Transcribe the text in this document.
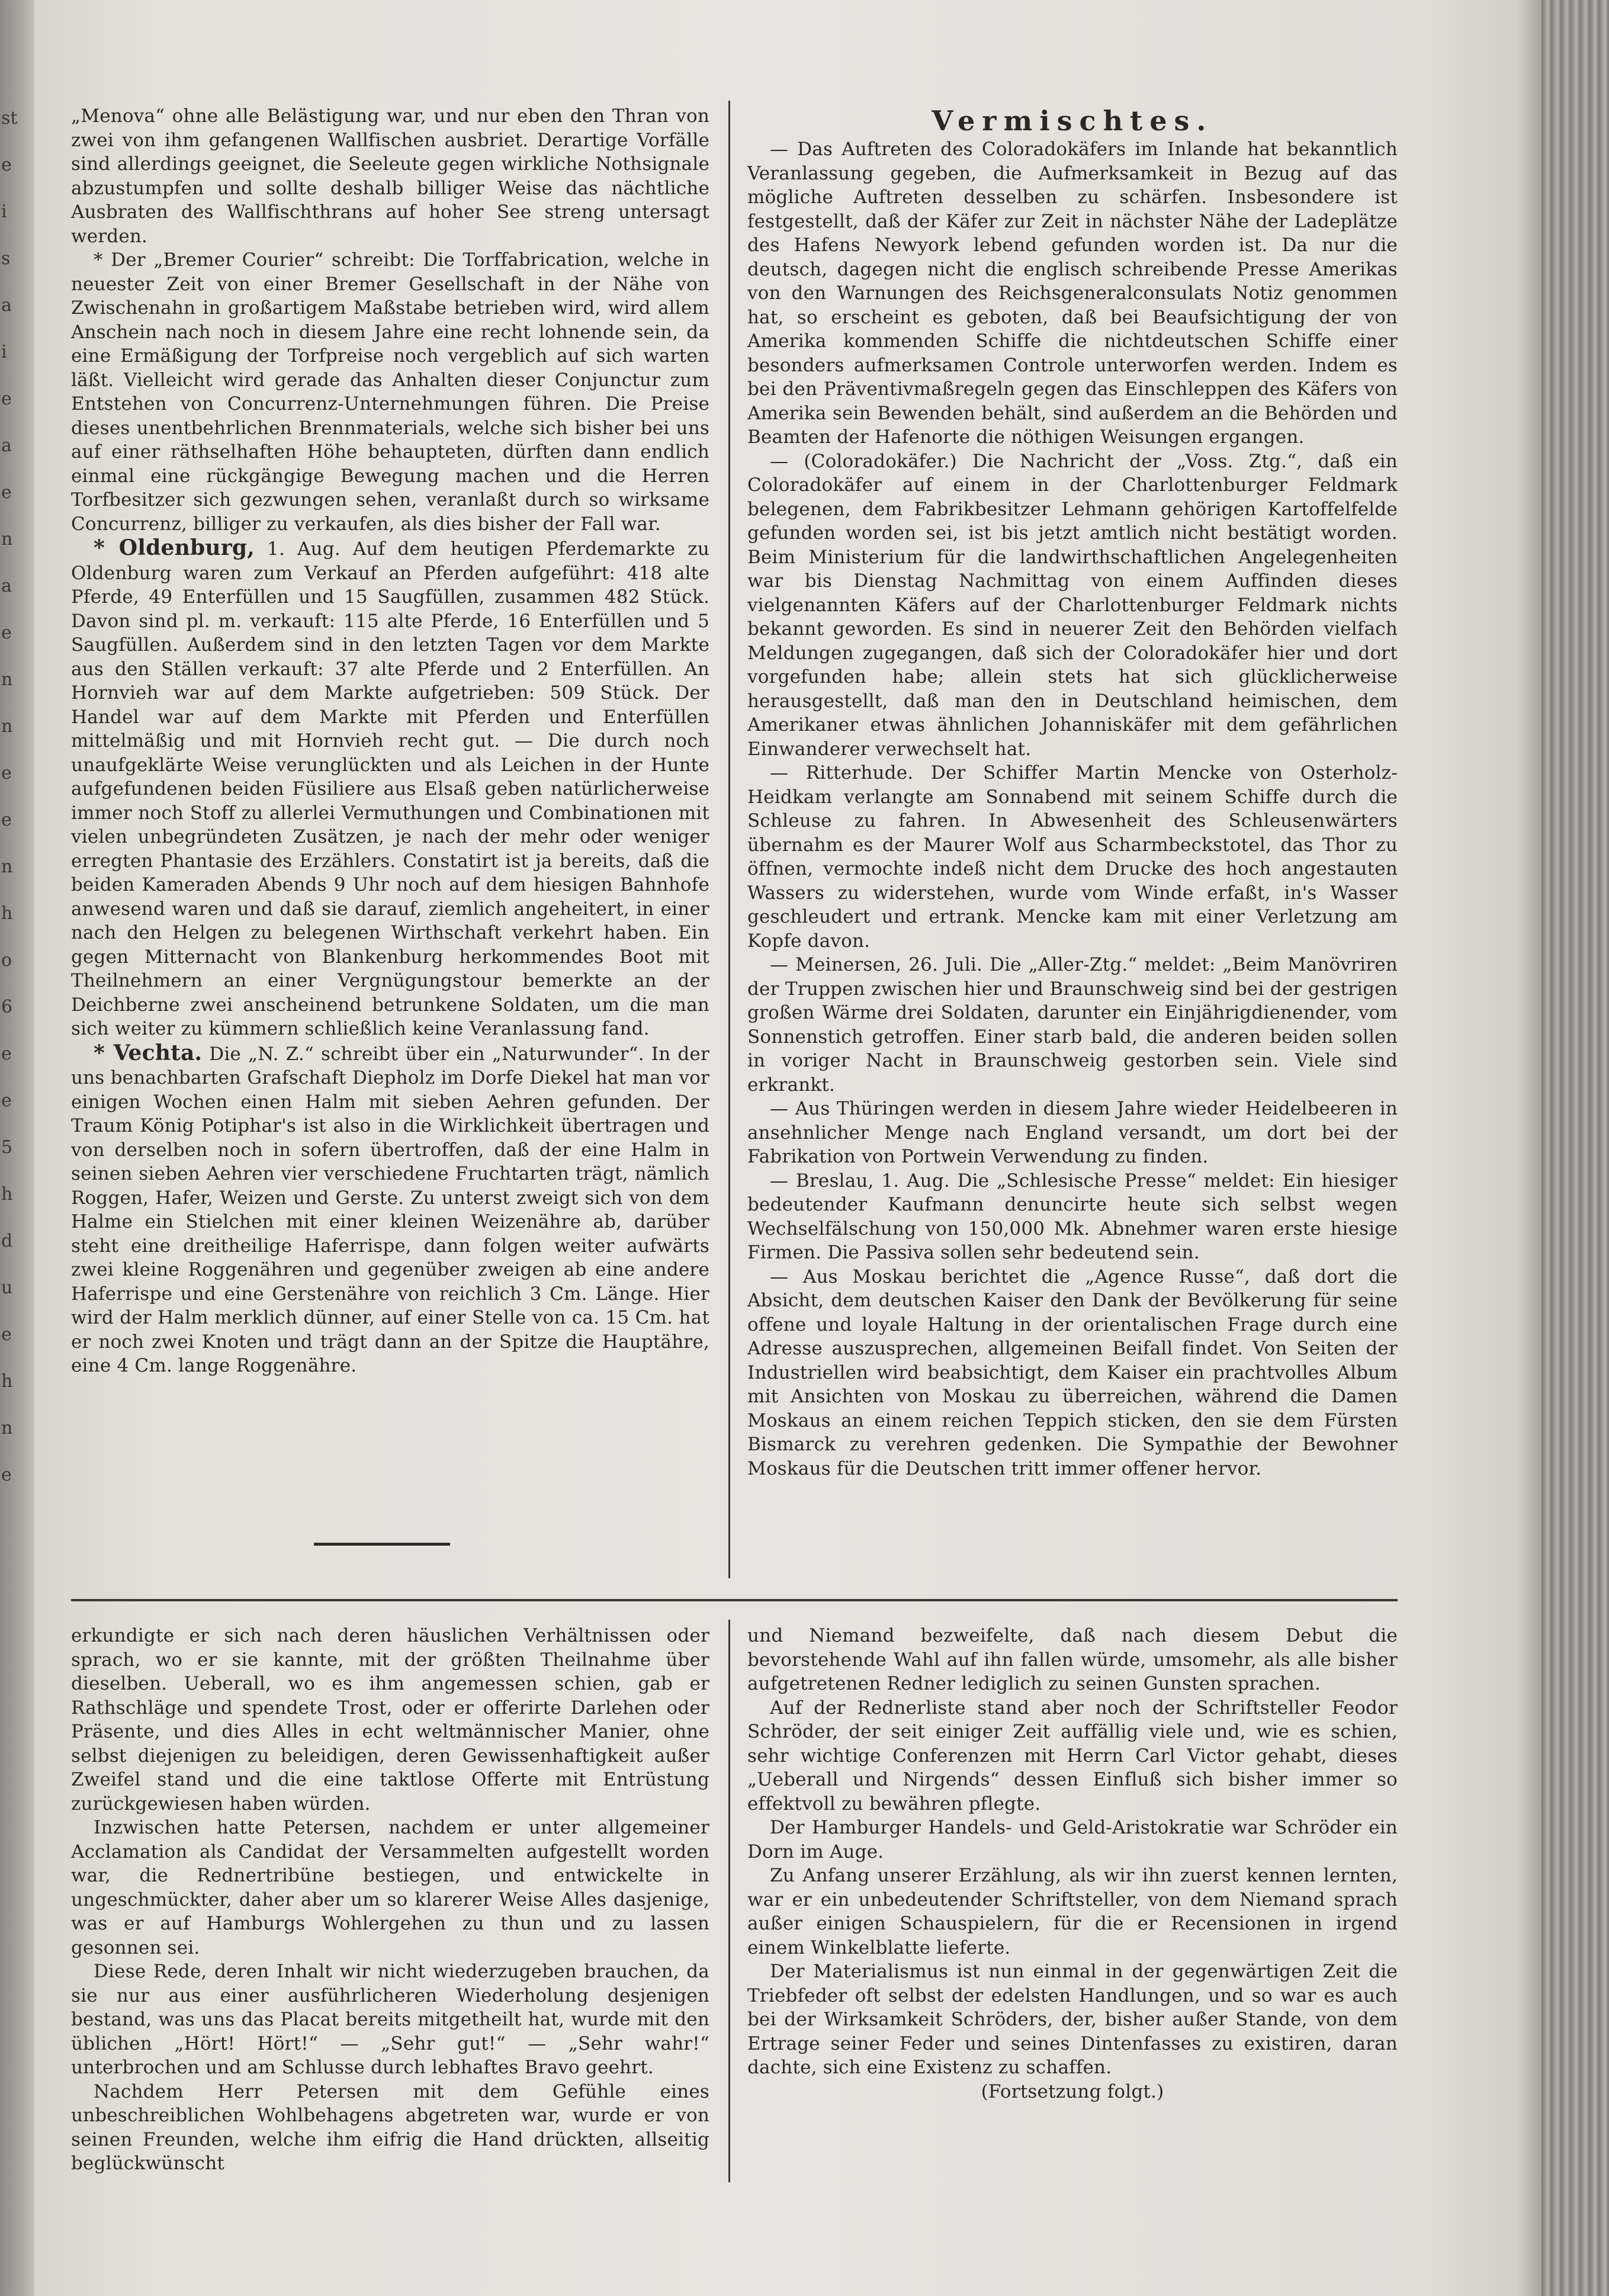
st
e
i
s
a
i
e
a
e
n
a
e
n
n
e
e
n
h
o
6
e
e
5
h
d
u
e
h
n
e

„Menova“ ohne alle Belästigung war, und nur eben den Thran von zwei von ihm gefangenen Wallfischen ausbriet. Derartige Vorfälle sind allerdings geeignet, die Seeleute gegen wirkliche Nothsignale abzustumpfen und sollte deshalb billiger Weise das nächtliche Ausbraten des Wallfischthrans auf hoher See streng untersagt werden.

* Der „Bremer Courier“ schreibt: Die Torffabrication, welche in neuester Zeit von einer Bremer Gesellschaft in der Nähe von Zwischenahn in großartigem Maßstabe betrieben wird, wird allem Anschein nach noch in diesem Jahre eine recht lohnende sein, da eine Ermäßigung der Torfpreise noch vergeblich auf sich warten läßt. Vielleicht wird gerade das Anhalten dieser Conjunctur zum Entstehen von Concurrenz-Unternehmungen führen. Die Preise dieses unentbehrlichen Brennmaterials, welche sich bisher bei uns auf einer räthselhaften Höhe behaupteten, dürften dann endlich einmal eine rückgängige Bewegung machen und die Herren Torfbesitzer sich gezwungen sehen, veranlaßt durch so wirksame Concurrenz, billiger zu verkaufen, als dies bisher der Fall war.

* Oldenburg, 1. Aug. Auf dem heutigen Pferdemarkte zu Oldenburg waren zum Verkauf an Pferden aufgeführt: 418 alte Pferde, 49 Enterfüllen und 15 Saugfüllen, zusammen 482 Stück. Davon sind pl. m. verkauft: 115 alte Pferde, 16 Enterfüllen und 5 Saugfüllen. Außerdem sind in den letzten Tagen vor dem Markte aus den Ställen verkauft: 37 alte Pferde und 2 Enterfüllen. An Hornvieh war auf dem Markte aufgetrieben: 509 Stück. Der Handel war auf dem Markte mit Pferden und Enterfüllen mittelmäßig und mit Hornvieh recht gut. — Die durch noch unaufgeklärte Weise verunglückten und als Leichen in der Hunte aufgefundenen beiden Füsiliere aus Elsaß geben natürlicherweise immer noch Stoff zu allerlei Vermuthungen und Combinationen mit vielen unbegründeten Zusätzen, je nach der mehr oder weniger erregten Phantasie des Erzählers. Constatirt ist ja bereits, daß die beiden Kameraden Abends 9 Uhr noch auf dem hiesigen Bahnhofe anwesend waren und daß sie darauf, ziemlich angeheitert, in einer nach den Helgen zu belegenen Wirthschaft verkehrt haben. Ein gegen Mitternacht von Blankenburg herkommendes Boot mit Theilnehmern an einer Vergnügungstour bemerkte an der Deichberne zwei anscheinend betrunkene Soldaten, um die man sich weiter zu kümmern schließlich keine Veranlassung fand.

* Vechta. Die „N. Z.“ schreibt über ein „Naturwunder“. In der uns benachbarten Grafschaft Diepholz im Dorfe Diekel hat man vor einigen Wochen einen Halm mit sieben Aehren gefunden. Der Traum König Potiphar's ist also in die Wirklichkeit übertragen und von derselben noch in sofern übertroffen, daß der eine Halm in seinen sieben Aehren vier verschiedene Fruchtarten trägt, nämlich Roggen, Hafer, Weizen und Gerste. Zu unterst zweigt sich von dem Halme ein Stielchen mit einer kleinen Weizenähre ab, darüber steht eine dreitheilige Haferrispe, dann folgen weiter aufwärts zwei kleine Roggenähren und gegenüber zweigen ab eine andere Haferrispe und eine Gerstenähre von reichlich 3 Cm. Länge. Hier wird der Halm merklich dünner, auf einer Stelle von ca. 15 Cm. hat er noch zwei Knoten und trägt dann an der Spitze die Hauptähre, eine 4 Cm. lange Roggenähre.

Vermischtes.

— Das Auftreten des Coloradokäfers im Inlande hat bekanntlich Veranlassung gegeben, die Aufmerksamkeit in Bezug auf das mögliche Auftreten desselben zu schärfen. Insbesondere ist festgestellt, daß der Käfer zur Zeit in nächster Nähe der Ladeplätze des Hafens Newyork lebend gefunden worden ist. Da nur die deutsch, dagegen nicht die englisch schreibende Presse Amerikas von den Warnungen des Reichsgeneralconsulats Notiz genommen hat, so erscheint es geboten, daß bei Beaufsichtigung der von Amerika kommenden Schiffe die nichtdeutschen Schiffe einer besonders aufmerksamen Controle unterworfen werden. Indem es bei den Präventivmaßregeln gegen das Einschleppen des Käfers von Amerika sein Bewenden behält, sind außerdem an die Behörden und Beamten der Hafenorte die nöthigen Weisungen ergangen.

— (Coloradokäfer.) Die Nachricht der „Voss. Ztg.“, daß ein Coloradokäfer auf einem in der Charlottenburger Feldmark belegenen, dem Fabrikbesitzer Lehmann gehörigen Kartoffelfelde gefunden worden sei, ist bis jetzt amtlich nicht bestätigt worden. Beim Ministerium für die landwirthschaftlichen Angelegenheiten war bis Dienstag Nachmittag von einem Auffinden dieses vielgenannten Käfers auf der Charlottenburger Feldmark nichts bekannt geworden. Es sind in neuerer Zeit den Behörden vielfach Meldungen zugegangen, daß sich der Coloradokäfer hier und dort vorgefunden habe; allein stets hat sich glücklicherweise herausgestellt, daß man den in Deutschland heimischen, dem Amerikaner etwas ähnlichen Johanniskäfer mit dem gefährlichen Einwanderer verwechselt hat.

— Ritterhude. Der Schiffer Martin Mencke von Osterholz-Heidkam verlangte am Sonnabend mit seinem Schiffe durch die Schleuse zu fahren. In Abwesenheit des Schleusenwärters übernahm es der Maurer Wolf aus Scharmbeckstotel, das Thor zu öffnen, vermochte indeß nicht dem Drucke des hoch angestauten Wassers zu widerstehen, wurde vom Winde erfaßt, in's Wasser geschleudert und ertrank. Mencke kam mit einer Verletzung am Kopfe davon.

— Meinersen, 26. Juli. Die „Aller-Ztg.“ meldet: „Beim Manövriren der Truppen zwischen hier und Braunschweig sind bei der gestrigen großen Wärme drei Soldaten, darunter ein Einjährigdienender, vom Sonnenstich getroffen. Einer starb bald, die anderen beiden sollen in voriger Nacht in Braunschweig gestorben sein. Viele sind erkrankt.

— Aus Thüringen werden in diesem Jahre wieder Heidelbeeren in ansehnlicher Menge nach England versandt, um dort bei der Fabrikation von Portwein Verwendung zu finden.

— Breslau, 1. Aug. Die „Schlesische Presse“ meldet: Ein hiesiger bedeutender Kaufmann denuncirte heute sich selbst wegen Wechselfälschung von 150,000 Mk. Abnehmer waren erste hiesige Firmen. Die Passiva sollen sehr bedeutend sein.

— Aus Moskau berichtet die „Agence Russe“, daß dort die Absicht, dem deutschen Kaiser den Dank der Bevölkerung für seine offene und loyale Haltung in der orientalischen Frage durch eine Adresse auszusprechen, allgemeinen Beifall findet. Von Seiten der Industriellen wird beabsichtigt, dem Kaiser ein prachtvolles Album mit Ansichten von Moskau zu überreichen, während die Damen Moskaus an einem reichen Teppich sticken, den sie dem Fürsten Bismarck zu verehren gedenken. Die Sympathie der Bewohner Moskaus für die Deutschen tritt immer offener hervor.

erkundigte er sich nach deren häuslichen Verhältnissen oder sprach, wo er sie kannte, mit der größten Theilnahme über dieselben. Ueberall, wo es ihm angemessen schien, gab er Rathschläge und spendete Trost, oder er offerirte Darlehen oder Präsente, und dies Alles in echt weltmännischer Manier, ohne selbst diejenigen zu beleidigen, deren Gewissenhaftigkeit außer Zweifel stand und die eine taktlose Offerte mit Entrüstung zurückgewiesen haben würden.

Inzwischen hatte Petersen, nachdem er unter allgemeiner Acclamation als Candidat der Versammelten aufgestellt worden war, die Rednertribüne bestiegen, und entwickelte in ungeschmückter, daher aber um so klarerer Weise Alles dasjenige, was er auf Hamburgs Wohlergehen zu thun und zu lassen gesonnen sei.

Diese Rede, deren Inhalt wir nicht wiederzugeben brauchen, da sie nur aus einer ausführlicheren Wiederholung desjenigen bestand, was uns das Placat bereits mitgetheilt hat, wurde mit den üblichen „Hört! Hört!“ — „Sehr gut!“ — „Sehr wahr!“ unterbrochen und am Schlusse durch lebhaftes Bravo geehrt.

Nachdem Herr Petersen mit dem Gefühle eines unbeschreiblichen Wohlbehagens abgetreten war, wurde er von seinen Freunden, welche ihm eifrig die Hand drückten, allseitig beglückwünscht

und Niemand bezweifelte, daß nach diesem Debut die bevorstehende Wahl auf ihn fallen würde, umsomehr, als alle bisher aufgetretenen Redner lediglich zu seinen Gunsten sprachen.

Auf der Rednerliste stand aber noch der Schriftsteller Feodor Schröder, der seit einiger Zeit auffällig viele und, wie es schien, sehr wichtige Conferenzen mit Herrn Carl Victor gehabt, dieses „Ueberall und Nirgends“ dessen Einfluß sich bisher immer so effektvoll zu bewähren pflegte.

Der Hamburger Handels- und Geld-Aristokratie war Schröder ein Dorn im Auge.

Zu Anfang unserer Erzählung, als wir ihn zuerst kennen lernten, war er ein unbedeutender Schriftsteller, von dem Niemand sprach außer einigen Schauspielern, für die er Recensionen in irgend einem Winkelblatte lieferte.

Der Materialismus ist nun einmal in der gegenwärtigen Zeit die Triebfeder oft selbst der edelsten Handlungen, und so war es auch bei der Wirksamkeit Schröders, der, bisher außer Stande, von dem Ertrage seiner Feder und seines Dintenfasses zu existiren, daran dachte, sich eine Existenz zu schaffen.

(Fortsetzung folgt.)
